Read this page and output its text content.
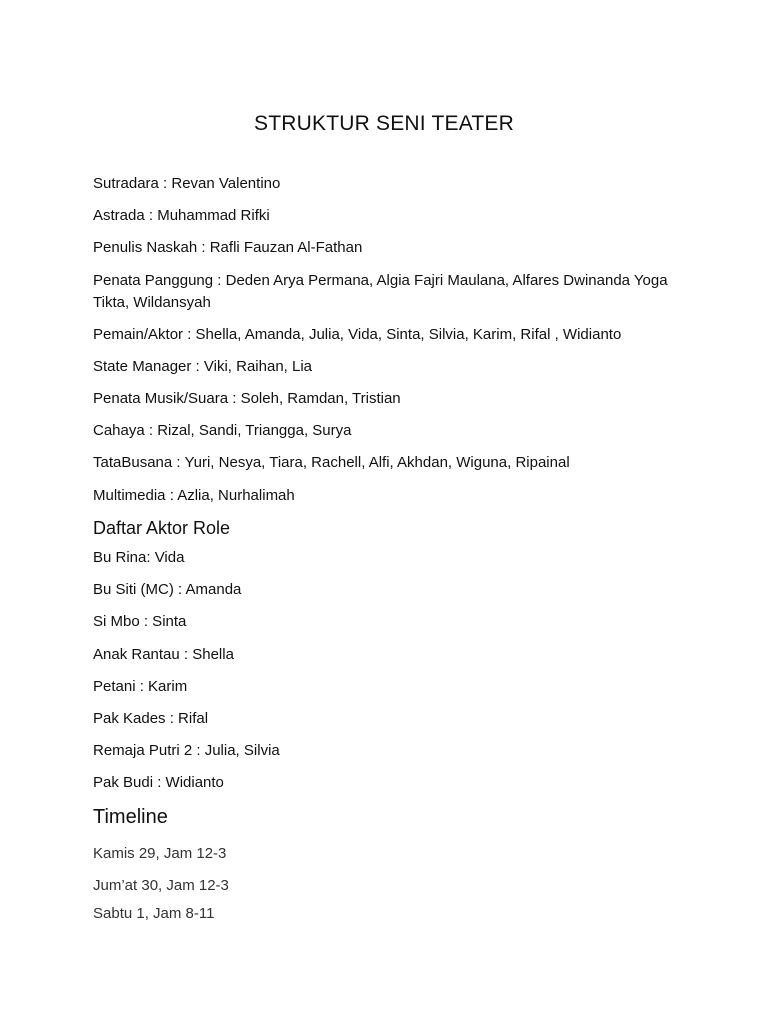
STRUKTUR SENI TEATER
Sutradara : Revan Valentino
Astrada : Muhammad Rifki
Penulis Naskah : Rafli Fauzan Al-Fathan
Penata Panggung : Deden Arya Permana, Algia Fajri Maulana, Alfares Dwinanda Yoga Tikta, Wildansyah
Pemain/Aktor : Shella, Amanda, Julia, Vida, Sinta, Silvia, Karim, Rifal , Widianto
State Manager : Viki, Raihan, Lia
Penata Musik/Suara : Soleh, Ramdan, Tristian
Cahaya : Rizal, Sandi, Triangga, Surya
TataBusana : Yuri, Nesya, Tiara, Rachell, Alfi, Akhdan, Wiguna, Ripainal
Multimedia : Azlia, Nurhalimah
Daftar Aktor Role
Bu Rina: Vida
Bu Siti (MC) : Amanda
Si Mbo : Sinta
Anak Rantau : Shella
Petani : Karim
Pak Kades : Rifal
Remaja Putri 2 : Julia, Silvia
Pak Budi : Widianto
Timeline
Kamis 29, Jam 12-3
Jum’at 30, Jam 12-3
Sabtu 1, Jam 8-11
